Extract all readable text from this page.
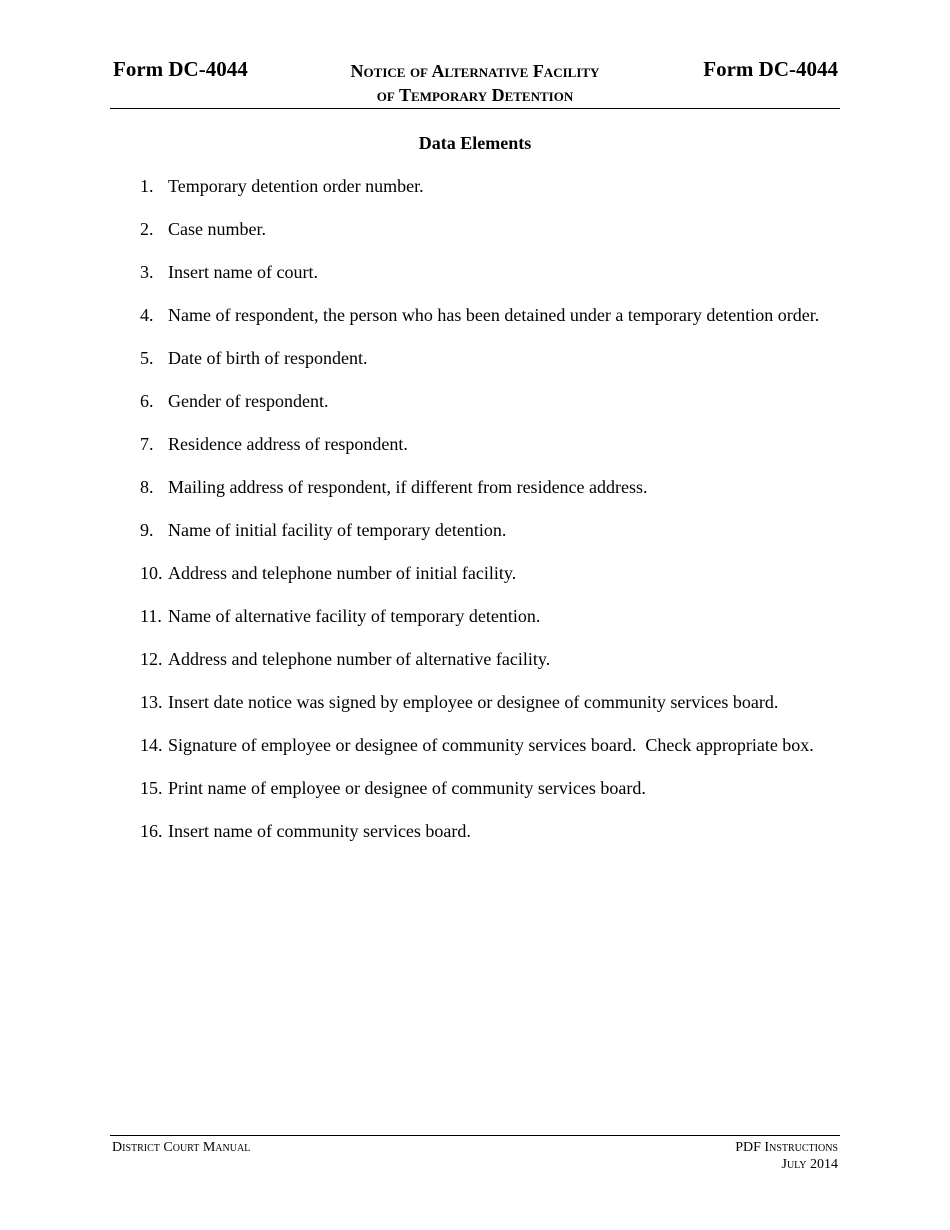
Form DC-4044	Notice of Alternative Facility
of Temporary Detention
Form DC-4044
Data Elements
1. Temporary detention order number.
2. Case number.
3. Insert name of court.
4. Name of respondent, the person who has been detained under a temporary detention order.
5. Date of birth of respondent.
6. Gender of respondent.
7. Residence address of respondent.
8. Mailing address of respondent, if different from residence address.
9. Name of initial facility of temporary detention.
10. Address and telephone number of initial facility.
11. Name of alternative facility of temporary detention.
12. Address and telephone number of alternative facility.
13. Insert date notice was signed by employee or designee of community services board.
14. Signature of employee or designee of community services board.  Check appropriate box.
15. Print name of employee or designee of community services board.
16. Insert name of community services board.
District Court Manual	PDF Instructions
July 2014
